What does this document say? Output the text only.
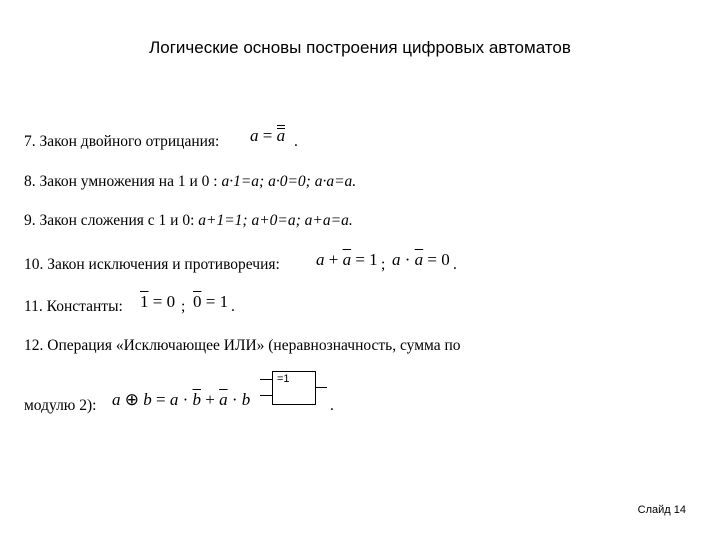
Логические основы построения цифровых автоматов
7. Закон двойного отрицания: a = a .
8. Закон умножения на 1 и 0 : a·1=a; a·0=0; a·a=a.
9. Закон сложения с 1 и 0: a+1=1; a+0=a; a+a=a.
10. Закон исключения и противоречия: $a + \overline{a} = 1$ ; $a \cdot \overline{a} = 0$ .
11. Константы: 1 = 0 ; 0 = 1 .
12. Операция «Исключающее ИЛИ» (неравнозначность, сумма по
модулю 2): a ⊕ $b = a \cdot \overline{b} + \overline{a} \cdot b$
=1
.
Слайд 14
